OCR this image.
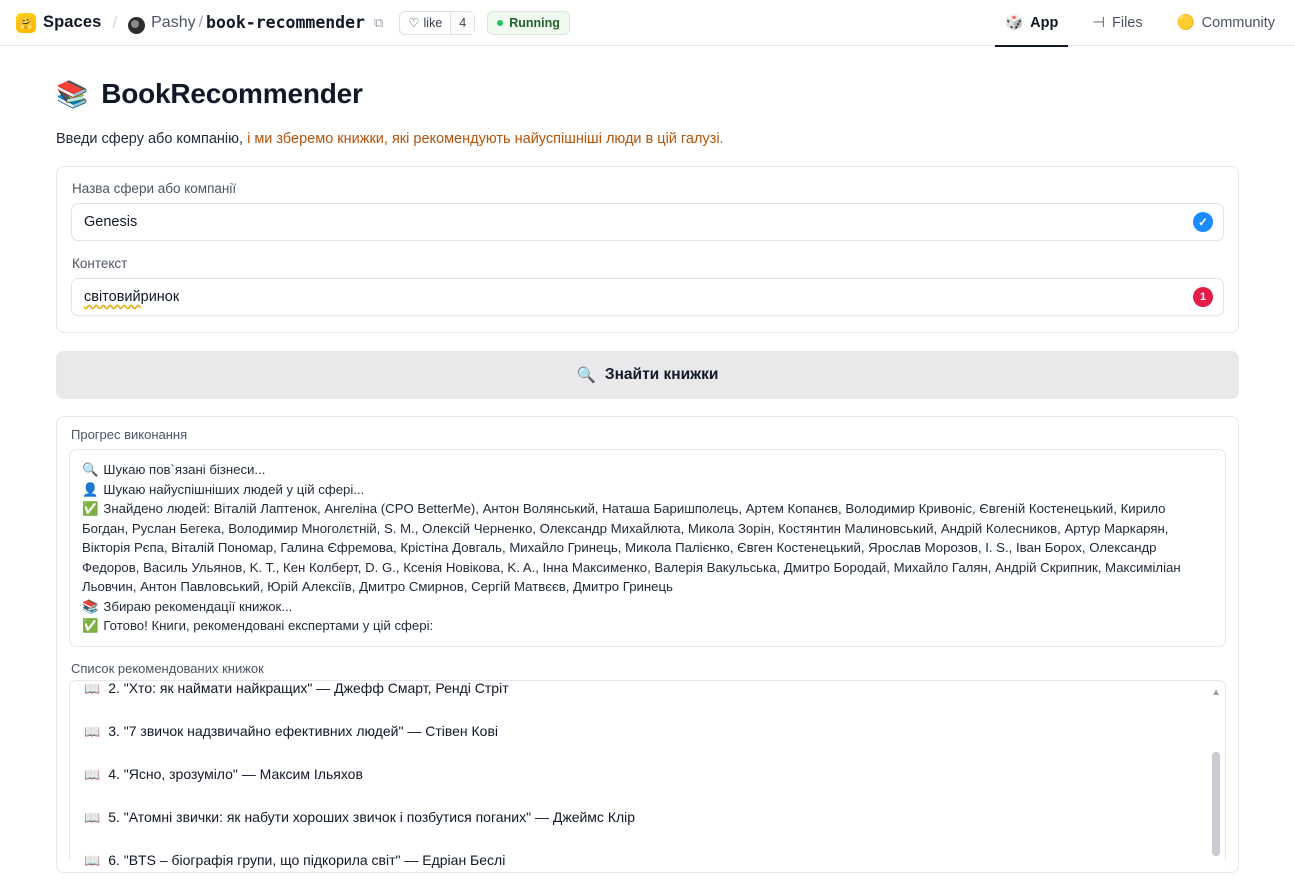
🤗 Spaces / Pashy / book-recommender ⧉ ♡ like	4	Running	🎲 App ⊣ Files 🟡 Community
📚 BookRecommender
Введи сферу або компанію, і ми зберемо книжки, які рекомендують найуспішніші люди в цій галузі.
Назва сфери або компанії
Genesis	✓
Контекст
світовий ринок	1
🔍 Знайти книжки
Прогрес виконання

🔍 Шукаю пов`язані бізнеси...

👤 Шукаю найуспішніших людей у цій сфері...

✅ Знайдено людей: Віталій Лаптенок, Ангеліна (CPO BetterMe), Антон Волянський, Наташа Баришполець, Артем Копанєв, Володимир Кривоніс, Євгеній Костенецький, Кирило Богдан, Руслан Бегека, Володимир Многолєтній, S. M., Олексій Черненко, Олександр Михайлюта, Микола Зорін, Костянтин Малиновський, Андрій Колесников, Артур Маркарян, Вікторія Рєпа, Віталій Пономар, Галина Єфремова, Крістіна Довгаль, Михайло Гринець, Микола Палієнко, Євген Костенецький, Ярослав Морозов, I. S., Іван Борох, Олександр Федоров, Василь Ульянов, K. T., Кен Колберт, D. G., Ксенія Новікова, K. A., Інна Максименко, Валерія Вакульська, Дмитро Бородай, Михайло Галян, Андрій Скрипник, Максиміліан Льовчин, Антон Павловський, Юрій Алексіїв, Дмитро Смирнов, Сергій Матвєєв, Дмитро Гринець

📚 Збираю рекомендації книжок...

✅ Готово! Книги, рекомендовані експертами у цій сфері:

Список рекомендованих книжок
📖 2. "Хто: як наймати найкращих" — Джефф Смарт, Ренді Стріт
📖 3. "7 звичок надзвичайно ефективних людей" — Стівен Кові
📖 4. "Ясно, зрозуміло" — Максим Ільяхов
📖 5. "Атомні звички: як набути хороших звичок і позбутися поганих" — Джеймс Клір
📖 6. "BTS – біографія групи, що підкорила світ" — Едріан Беслі
▲
